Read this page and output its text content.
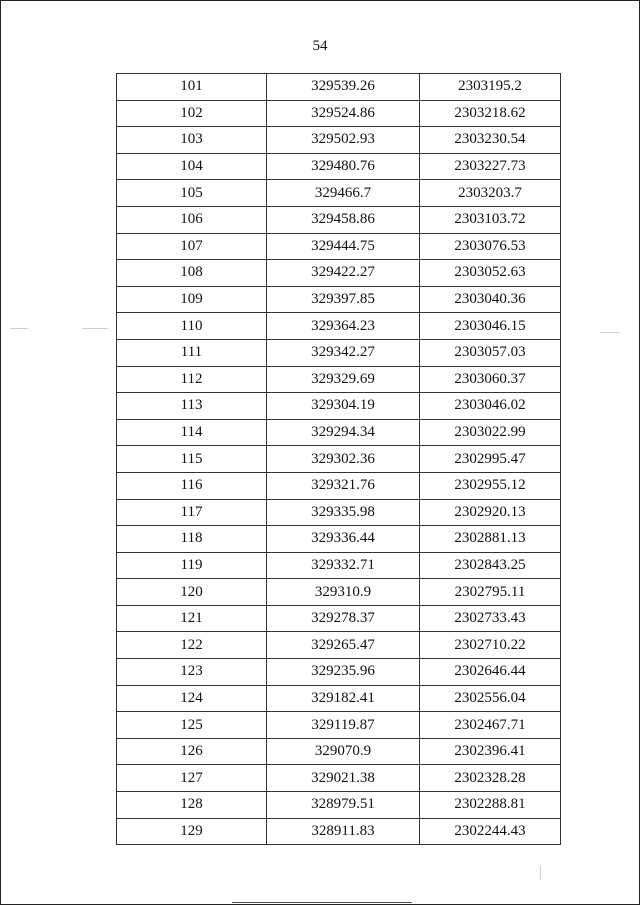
54
101	329539.26	2303195.2
102	329524.86	2303218.62
103	329502.93	2303230.54
104	329480.76	2303227.73
105	329466.7	2303203.7
106	329458.86	2303103.72
107	329444.75	2303076.53
108	329422.27	2303052.63
109	329397.85	2303040.36
110	329364.23	2303046.15
111	329342.27	2303057.03
112	329329.69	2303060.37
113	329304.19	2303046.02
114	329294.34	2303022.99
115	329302.36	2302995.47
116	329321.76	2302955.12
117	329335.98	2302920.13
118	329336.44	2302881.13
119	329332.71	2302843.25
120	329310.9	2302795.11
121	329278.37	2302733.43
122	329265.47	2302710.22
123	329235.96	2302646.44
124	329182.41	2302556.04
125	329119.87	2302467.71
126	329070.9	2302396.41
127	329021.38	2302328.28
128	328979.51	2302288.81
129	328911.83	2302244.43
